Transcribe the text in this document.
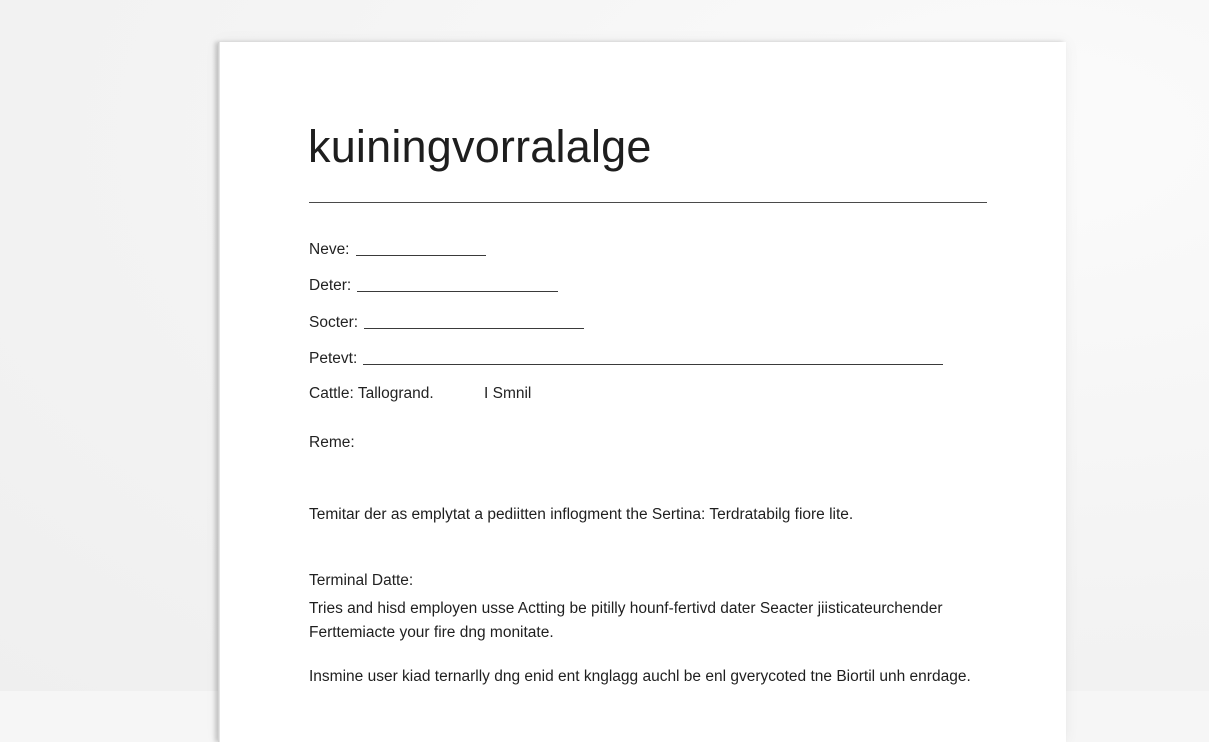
kuiningvorralalge
Neve:
Deter:
Socter:
Petevt:
Cattle: Tallogrand.	I Smnil
Reme:

Temitar der as emplytat a pediitten inflogment the Sertina: Terdratabilg fiore lite.

Terminal Datte:
Tries and hisd employen usse Actting be pitilly hounf-fertivd dater Seacter jiisticateurchender
Ferttemiacte your fire dng monitate.

Insmine user kiad ternarlly dng enid ent knglagg auchl be enl gverycoted tne Biortil unh enrdage.
